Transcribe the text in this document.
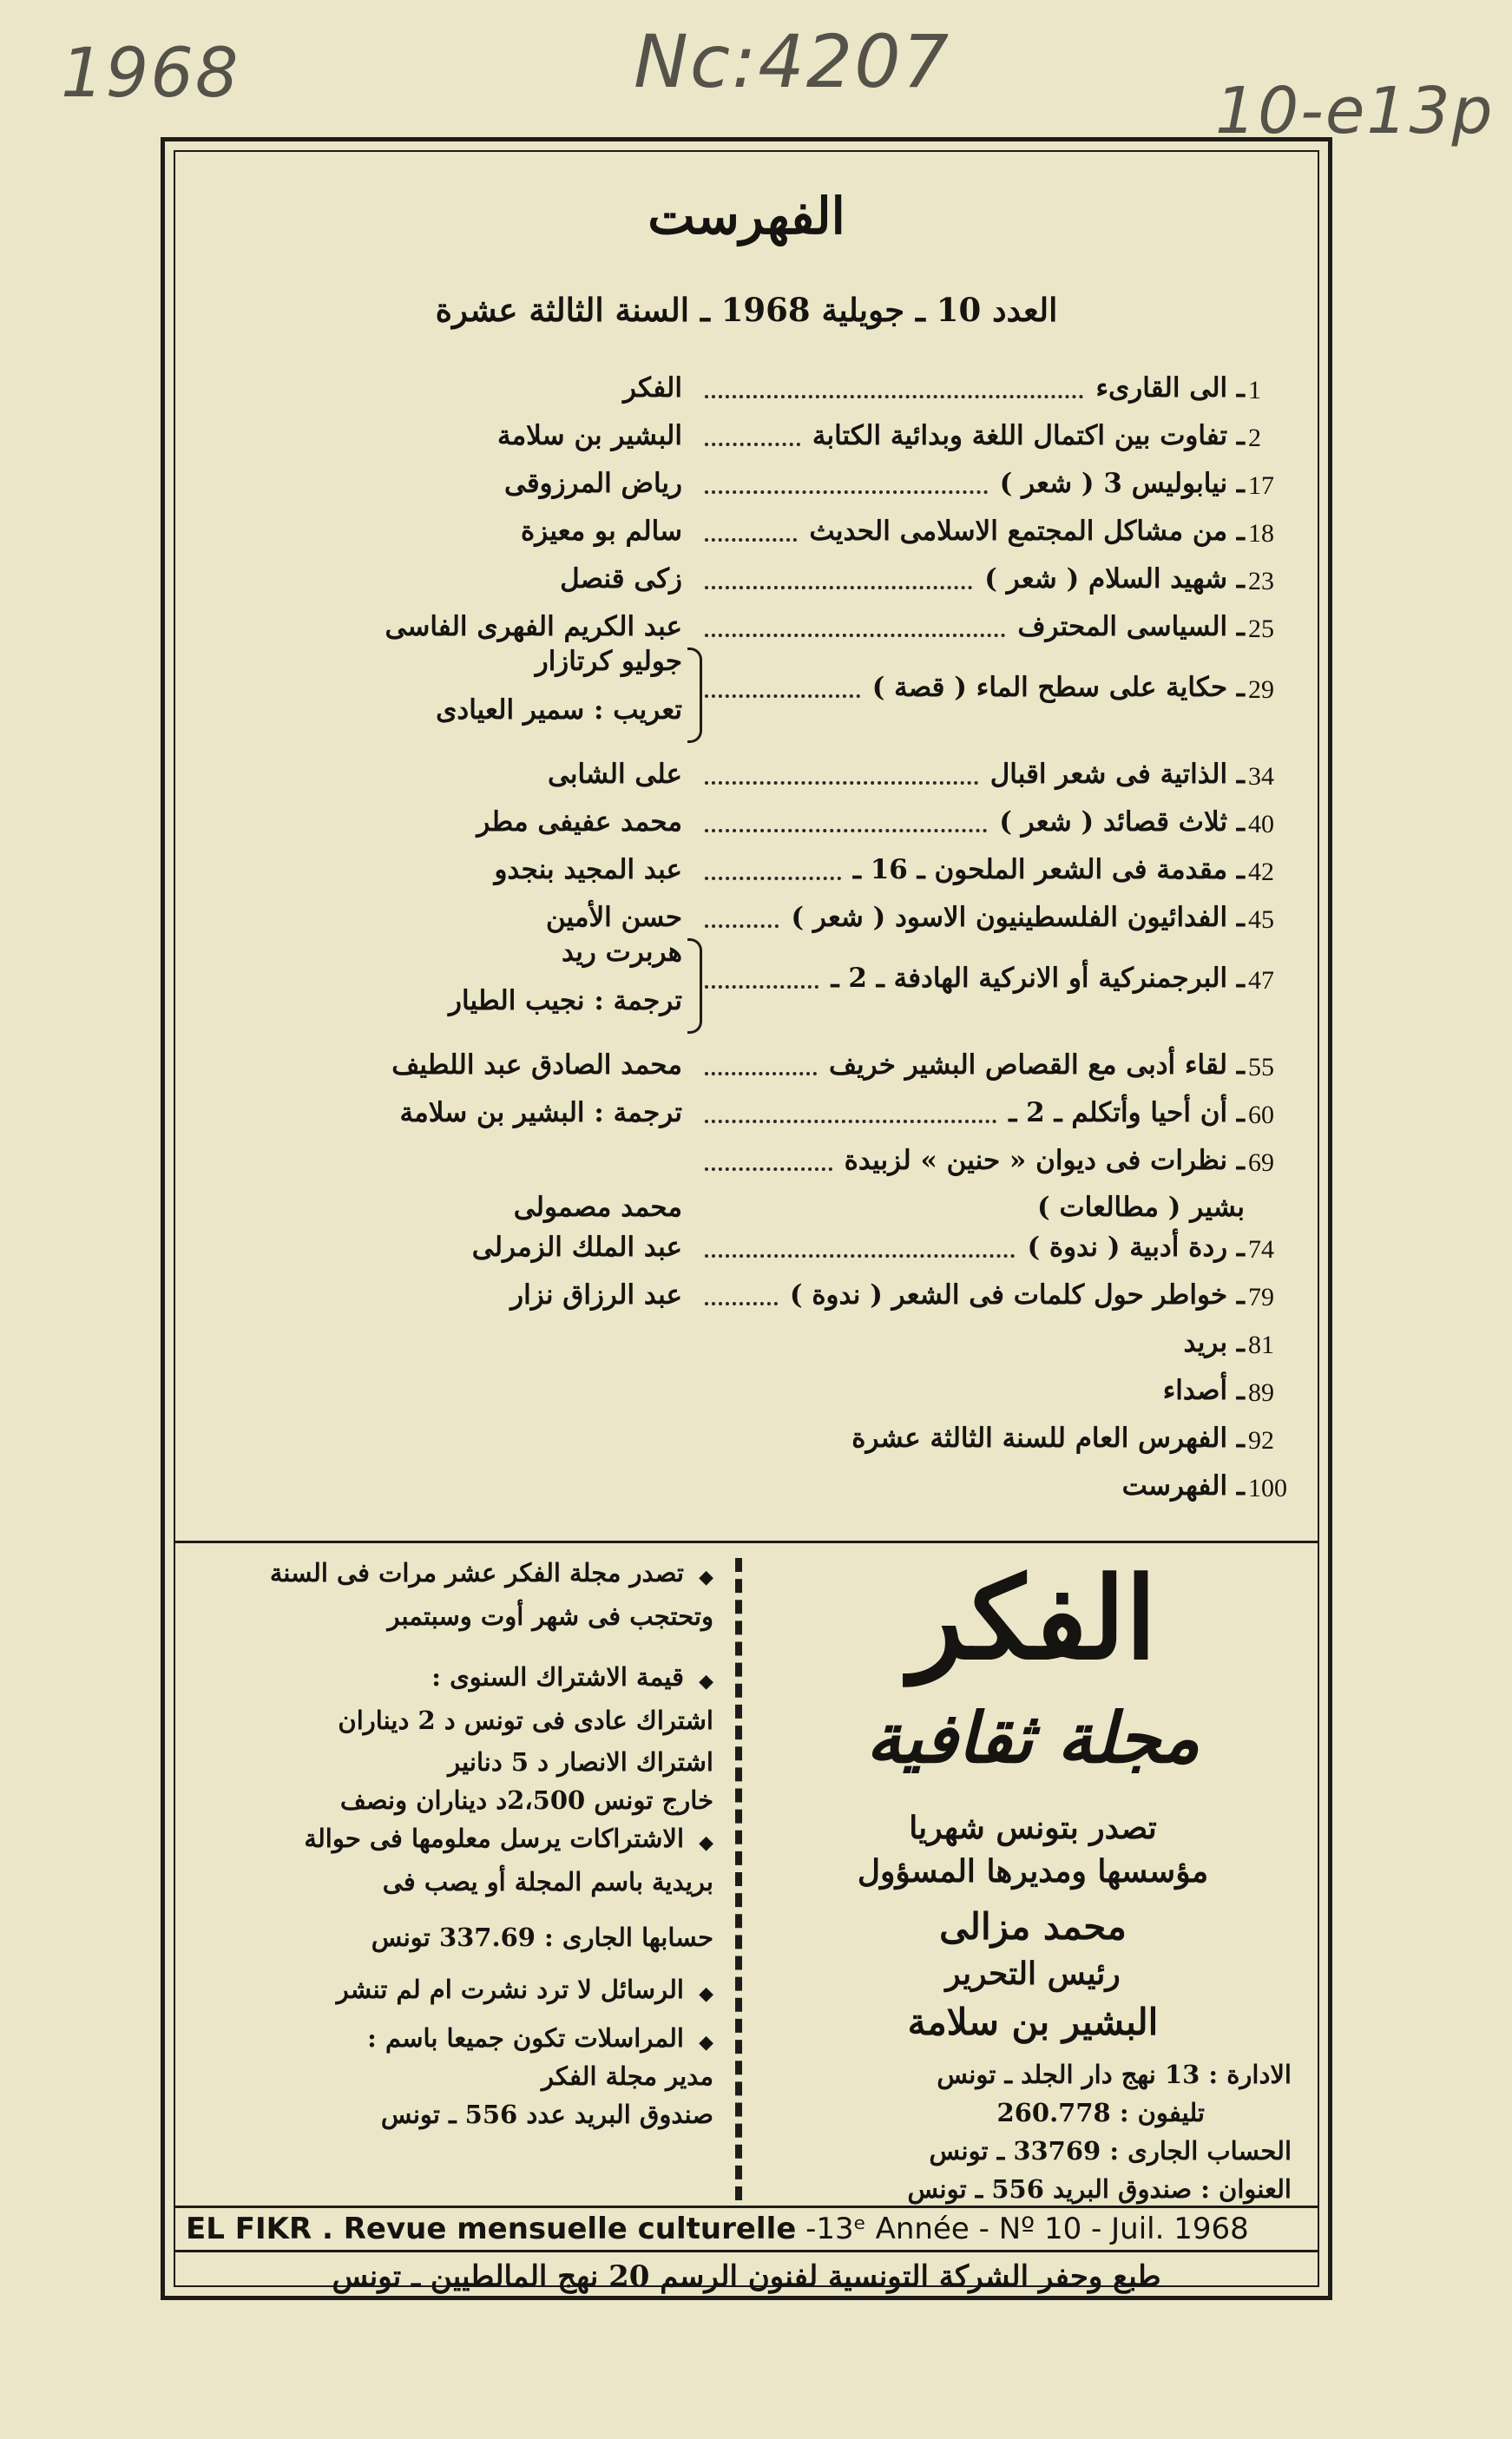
1968	Nc:4207
10-e13p
الفهرست
العدد 10 ـ جويلية 1968 ـ السنة الثالثة عشرة
1
ـ الى القارىء
الفكر
2
ـ تفاوت بين اكتمال اللغة وبدائية الكتابة
البشير بن سلامة
17
ـ نيابوليس 3 ( شعر )
رياض المرزوقى
18
ـ من مشاكل المجتمع الاسلامى الحديث
سالم بو معيزة
23
ـ شهيد السلام ( شعر )
زكى قنصل
25
ـ السياسى المحترف
عبد الكريم الفهرى الفاسى
29
ـ حكاية على سطح الماء ( قصة )
جوليو كرتازار
تعريب : سمير العيادى
34
ـ الذاتية فى شعر اقبال
على الشابى
40
ـ ثلاث قصائد ( شعر )
محمد عفيفى مطر
42
ـ مقدمة فى الشعر الملحون ـ 16 ـ
عبد المجيد بنجدو
45
ـ الفدائيون الفلسطينيون الاسود ( شعر )
حسن الأمين
47
ـ البرجمنركية أو الانركية الهادفة ـ 2 ـ
هربرت ريد
ترجمة : نجيب الطيار
55
ـ لقاء أدبى مع القصاص البشير خريف
محمد الصادق عبد اللطيف
60
ـ أن أحيا وأتكلم ـ 2 ـ
ترجمة : البشير بن سلامة
69
ـ نظرات فى ديوان « حنين » لزبيدة
بشير ( مطالعات )
محمد مصمولى
74
ـ ردة أدبية ( ندوة )
عبد الملك الزمرلى
79
ـ خواطر حول كلمات فى الشعر ( ندوة )
عبد الرزاق نزار
81
ـ بريد
89
ـ أصداء
92
ـ الفهرس العام للسنة الثالثة عشرة
100
ـ الفهرست
تصدر مجلة الفكر عشر مرات فى السنة ◆
وتحتجب فى شهر أوت وسبتمبر
قيمة الاشتراك السنوى : ◆
اشتراك عادى فى تونس د 2 ديناران
اشتراك الانصار د 5 دنانير
خارج تونس 2،500د ديناران ونصف
الاشتراكات يرسل معلومها فى حوالة ◆
بريدية باسم المجلة أو يصب فى
حسابها الجارى : 337.69 تونس
الرسائل لا ترد نشرت ام لم تنشر ◆
المراسلات تكون جميعا باسم : ◆
مدير مجلة الفكر
صندوق البريد عدد 556 ـ تونس
الفكر
مجلة ثقافية
تصدر بتونس شهريا
مؤسسها ومديرها المسؤول
محمد مزالى
رئيس التحرير
البشير بن سلامة
الادارة : 13 نهج دار الجلد ـ تونس
تليفون : 260.778
الحساب الجارى : 33769 ـ تونس
العنوان : صندوق البريد 556 ـ تونس
EL FIKR . Revue mensuelle culturelle -13ᵉ Année - Nº 10 - Juil. 1968
طبع وحفر الشركة التونسية لفنون الرسم 20 نهج المالطيين ـ تونس
